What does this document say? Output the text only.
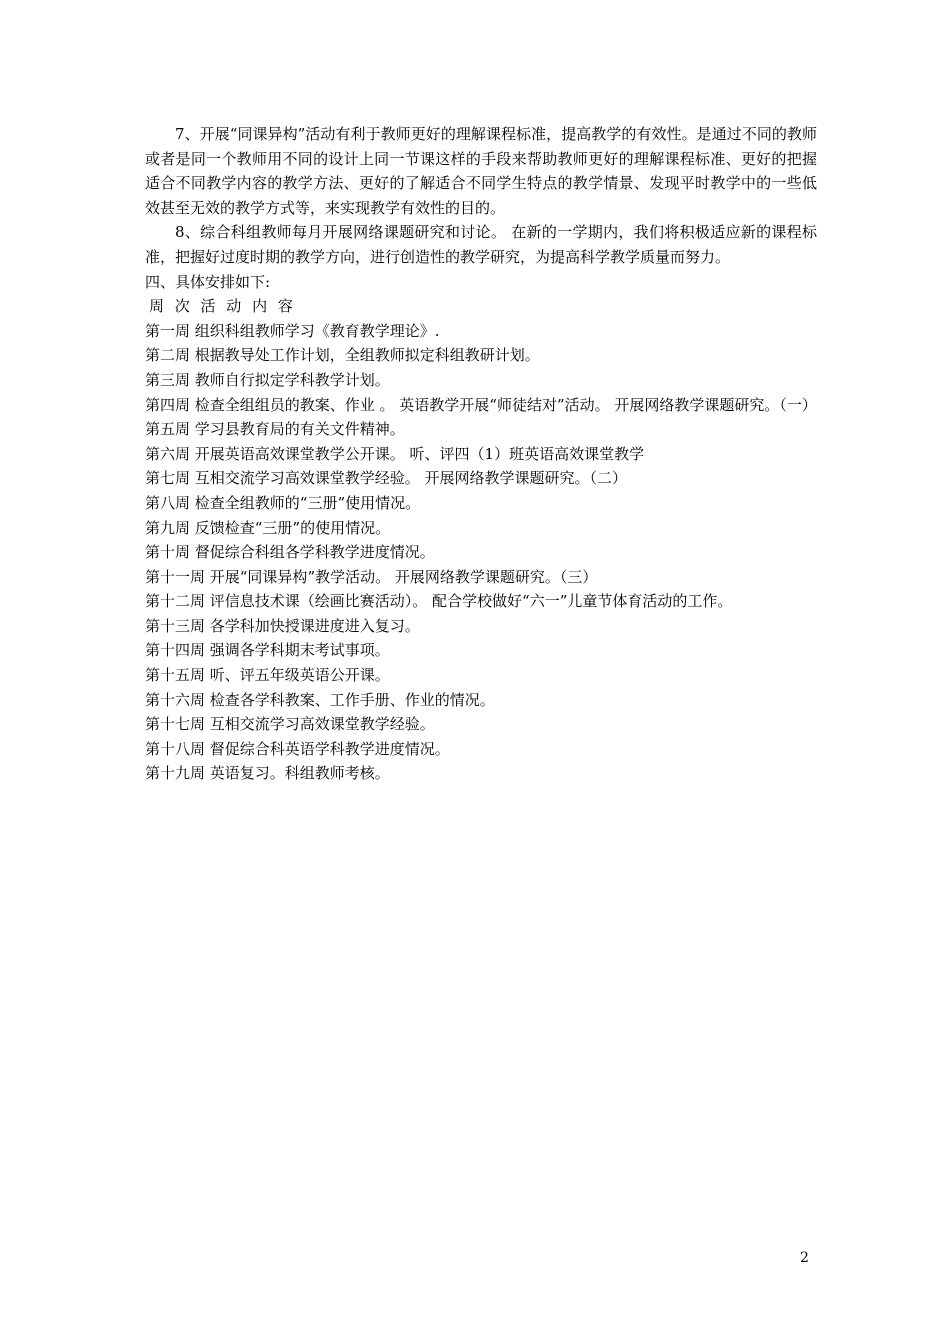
7、开展“同课异构”活动有利于教师更好的理解课程标准，提高教学的有效性。是通过不同的教师或者是同一个教师用不同的设计上同一节课这样的手段来帮助教师更好的理解课程标准、更好的把握适合不同教学内容的教学方法、更好的了解适合不同学生特点的教学情景、发现平时教学中的一些低效甚至无效的教学方式等，来实现教学有效性的目的。

8、综合科组教师每月开展网络课题研究和讨论。 在新的一学期内，我们将积极适应新的课程标准，把握好过度时期的教学方向，进行创造性的教学研究，为提高科学教学质量而努力。

四、具体安排如下:

周 次 活 动 内 容

第一周 组织科组教师学习《教育教学理论》.

第二周 根据教导处工作计划，全组教师拟定科组教研计划。

第三周 教师自行拟定学科教学计划。

第四周 检查全组组员的教案、作业 。 英语教学开展“师徒结对”活动。 开展网络教学课题研究。（一）

第五周 学习县教育局的有关文件精神。

第六周 开展英语高效课堂教学公开课。 听、评四（1）班英语高效课堂教学

第七周 互相交流学习高效课堂教学经验。 开展网络教学课题研究。（二）

第八周 检查全组教师的“三册”使用情况。

第九周 反馈检查“三册”的使用情况。

第十周 督促综合科组各学科教学进度情况。

第十一周 开展“同课异构”教学活动。 开展网络教学课题研究。（三）

第十二周 评信息技术课（绘画比赛活动）。 配合学校做好“六一”儿童节体育活动的工作。

第十三周 各学科加快授课进度进入复习。

第十四周 强调各学科期末考试事项。

第十五周 听、评五年级英语公开课。

第十六周 检查各学科教案、工作手册、作业的情况。

第十七周 互相交流学习高效课堂教学经验。

第十八周 督促综合科英语学科教学进度情况。

第十九周 英语复习。科组教师考核。

2
